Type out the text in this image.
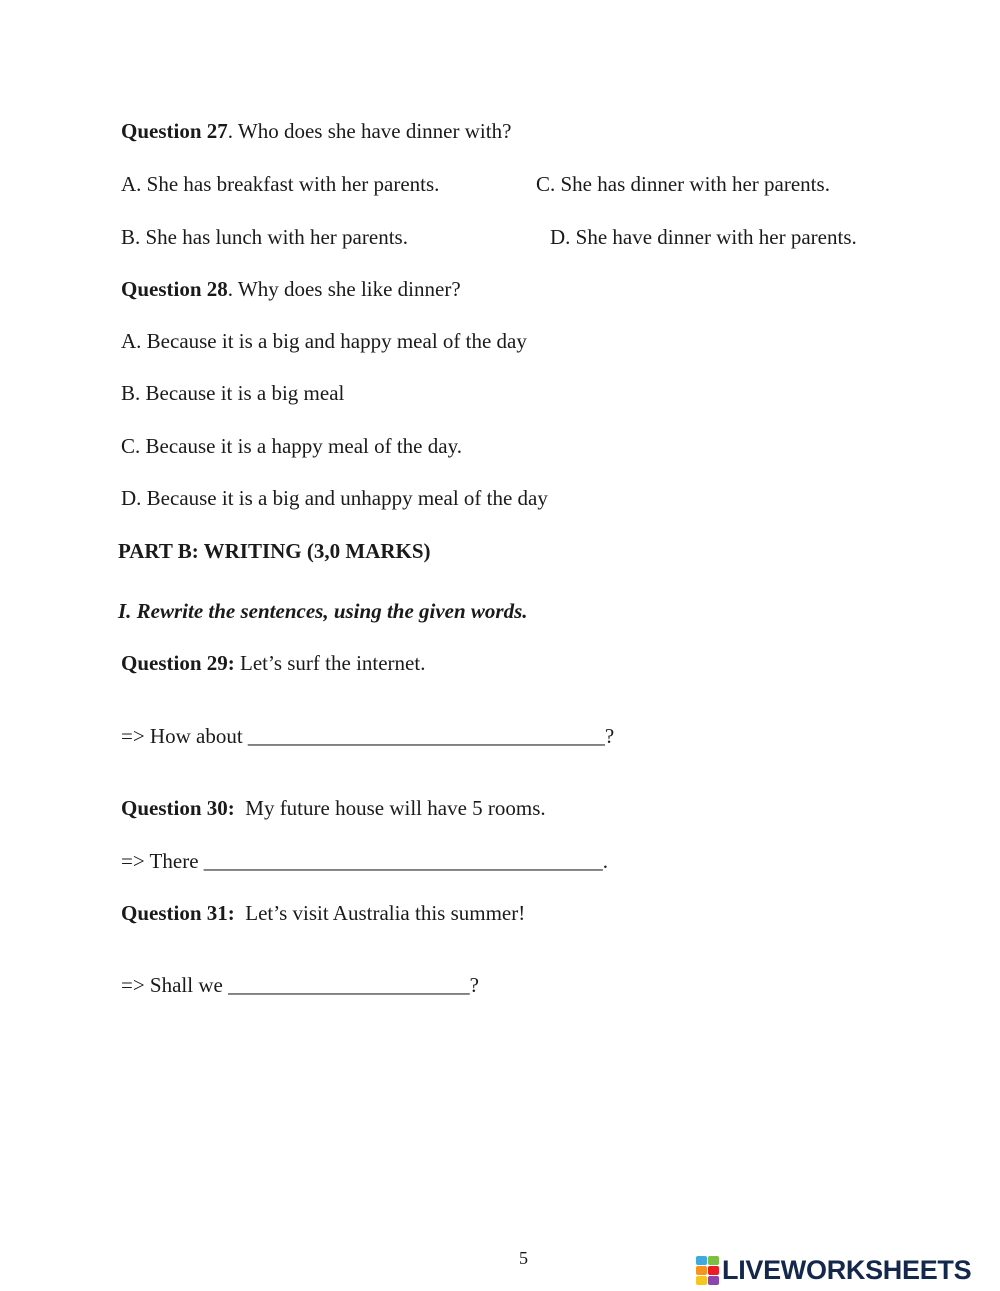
Question 27. Who does she have dinner with?
A. She has breakfast with her parents.	C. She has dinner with her parents.
B. She has lunch with her parents.	D. She have dinner with her parents.
Question 28. Why does she like dinner?
A. Because it is a big and happy meal of the day
B. Because it is a big meal
C. Because it is a happy meal of the day.
D. Because it is a big and unhappy meal of the day
PART B: WRITING (3,0 MARKS)
I. Rewrite the sentences, using the given words.
Question 29: Let’s surf the internet.
=> How about __________________________________?
Question 30:  My future house will have 5 rooms.
=> There ______________________________________.
Question 31:  Let’s visit Australia this summer!
=> Shall we _______________________?
5	LIVEWORKSHEETS
